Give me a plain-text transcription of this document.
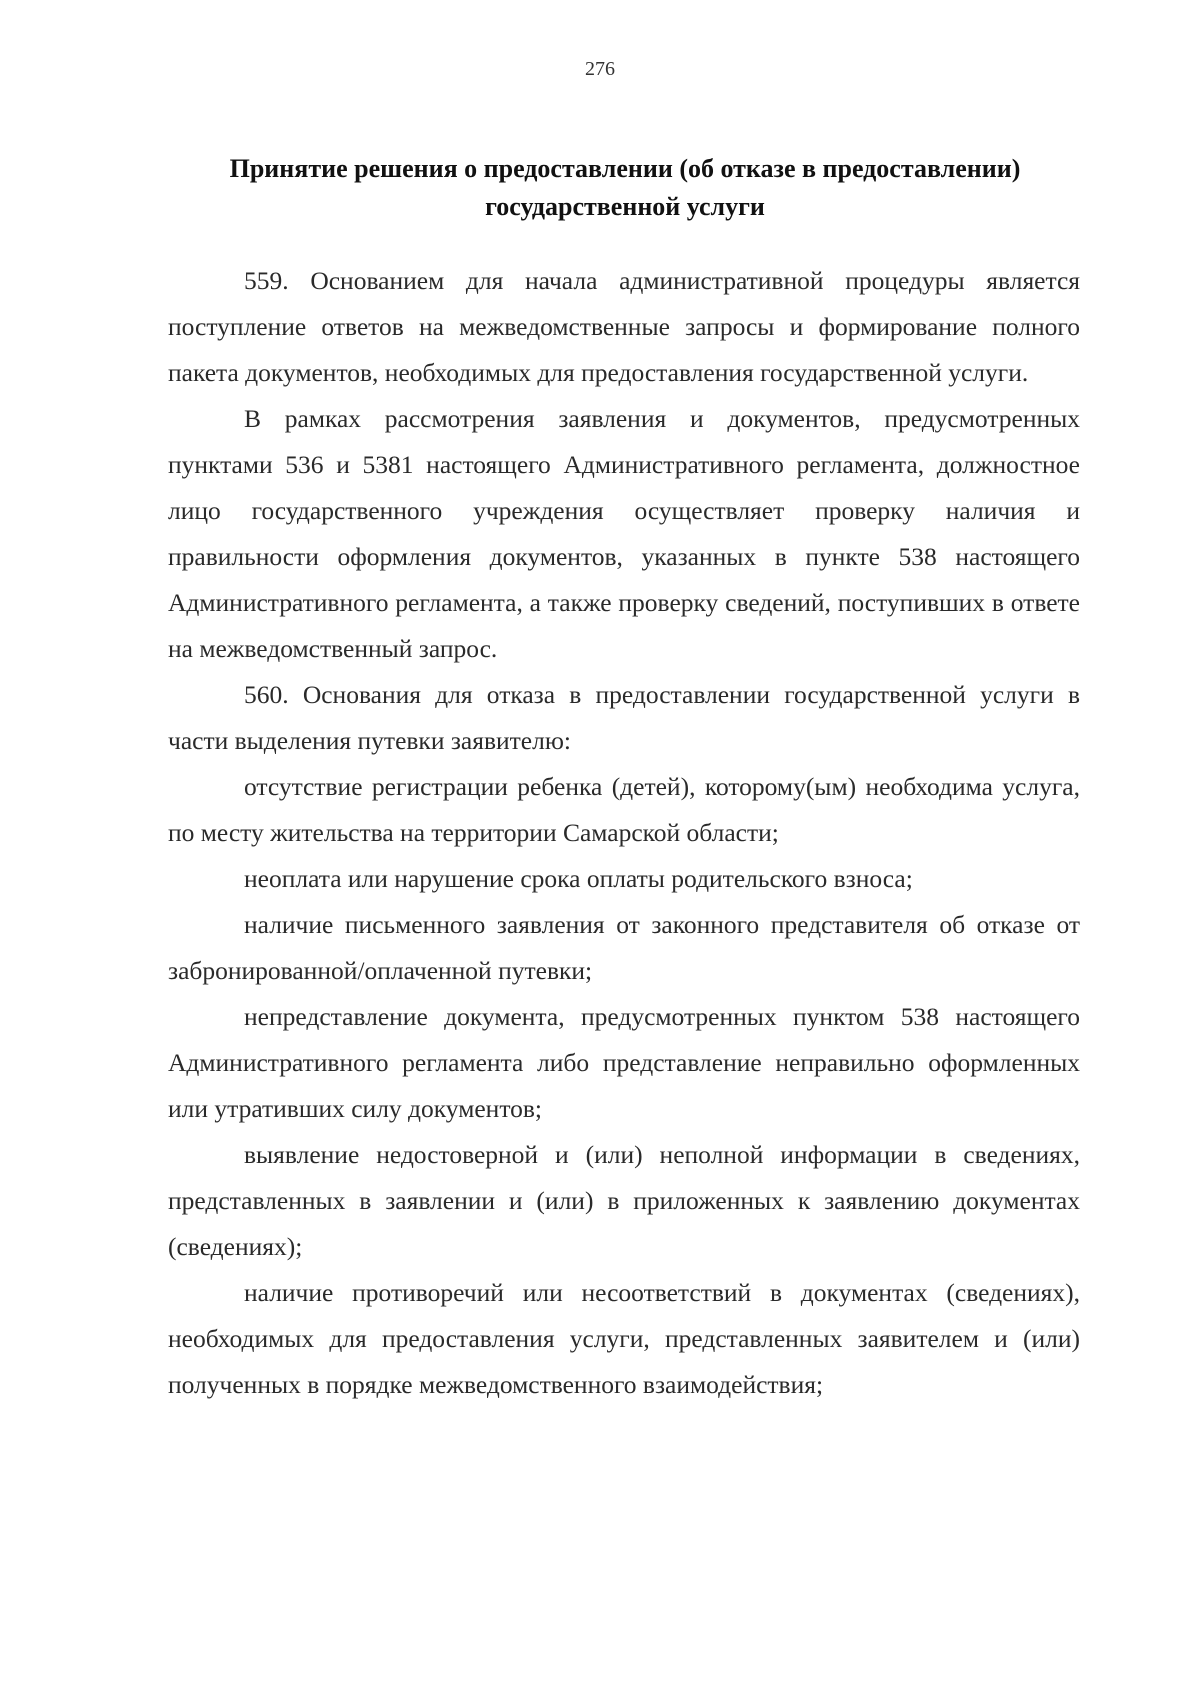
276
Принятие решения о предоставлении (об отказе в предоставлении)
государственной услуги

559. Основанием для начала административной процедуры является поступление ответов на межведомственные запросы и формирование полного пакета документов, необходимых для предоставления государственной услуги.

В рамках рассмотрения заявления и документов, предусмотренных пунктами 536 и 5381 настоящего Административного регламента, должностное лицо государственного учреждения осуществляет проверку наличия и правильности оформления документов, указанных в пункте 538 настоящего Административного регламента, а также проверку сведений, поступивших в ответе на межведомственный запрос.

560. Основания для отказа в предоставлении государственной услуги в части выделения путевки заявителю:

отсутствие регистрации ребенка (детей), которому(ым) необходима услуга, по месту жительства на территории Самарской области;

неоплата или нарушение срока оплаты родительского взноса;

наличие письменного заявления от законного представителя об отказе от забронированной/оплаченной путевки;

непредставление документа, предусмотренных пунктом 538 настоящего Административного регламента либо представление неправильно оформленных или утративших силу документов;

выявление недостоверной и (или) неполной информации в сведениях, представленных в заявлении и (или) в приложенных к заявлению документах (сведениях);

наличие противоречий или несоответствий в документах (сведениях), необходимых для предоставления услуги, представленных заявителем и (или) полученных в порядке межведомственного взаимодействия;
